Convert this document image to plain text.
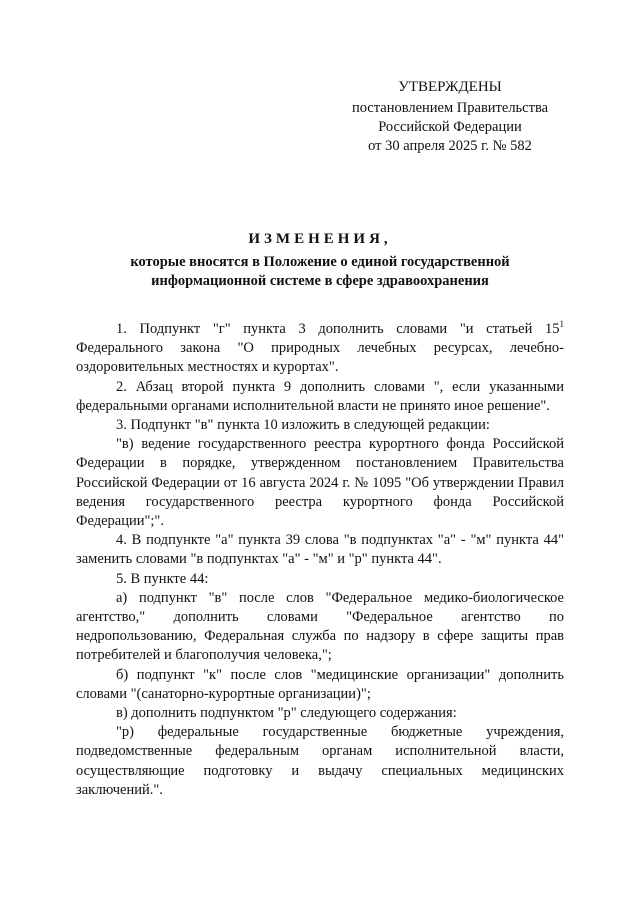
УТВЕРЖДЕНЫ
постановлением Правительства
Российской Федерации
от 30 апреля 2025 г. № 582
ИЗМЕНЕНИЯ,
которые вносятся в Положение о единой государственной
информационной системе в сфере здравоохранения

1. Подпункт "г" пункта 3 дополнить словами "и статьей $15^1$ Федерального закона "О природных лечебных ресурсах, лечебно-оздоровительных местностях и курортах".

2. Абзац второй пункта 9 дополнить словами ", если указанными федеральными органами исполнительной власти не принято иное решение".

3. Подпункт "в" пункта 10 изложить в следующей редакции:

"в) ведение государственного реестра курортного фонда Российской Федерации в порядке, утвержденном постановлением Правительства Российской Федерации от 16 августа 2024 г. № 1095 "Об утверждении Правил ведения государственного реестра курортного фонда Российской Федерации";".

4. В подпункте "а" пункта 39 слова "в подпунктах "а" - "м" пункта 44" заменить словами "в подпунктах "а" - "м" и "р" пункта 44".

5. В пункте 44:

а) подпункт "в" после слов "Федеральное медико-биологическое агентство," дополнить словами "Федеральное агентство по недропользованию, Федеральная служба по надзору в сфере защиты прав потребителей и благополучия человека,";

б) подпункт "к" после слов "медицинские организации" дополнить словами "(санаторно-курортные организации)";

в) дополнить подпунктом "р" следующего содержания:

"р) федеральные государственные бюджетные учреждения, подведомственные федеральным органам исполнительной власти, осуществляющие подготовку и выдачу специальных медицинских заключений.".
